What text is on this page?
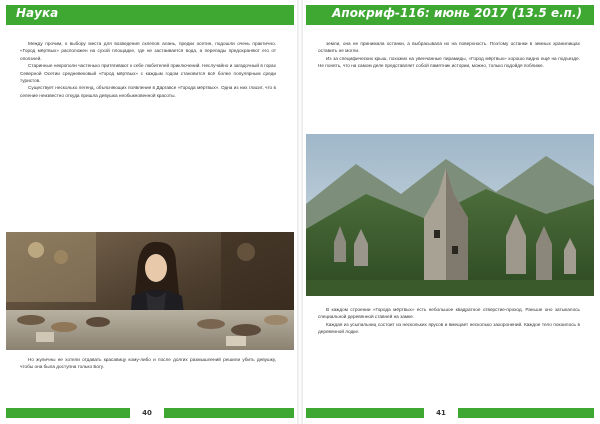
Наука

Между прочим, к выбору места для возведения склепов алань, предки осетин, подошли очень практично. «Город мёртвых» расположен на сухой площадке, где не застаивается вода, а перепады предохраняют его от оползней.

Старинные некрополи частенько притягивают к себе любителей приключений. Неслучайно и загадочный в горах Северной Осетии средневековый «Город мёртвых» с каждым годом становится всё более популярным среди туристов.

Существует несколько легенд, объясняющих появление в Даргавсе «Города мёртвых». Одна из них гласит, что в селение неизвестно откуда пришла девушка необыкновенной красоты.

Но жуличны не хотели отдавать красавицу кому-либо и после долгих размышлений решили убить девушку, чтобы она была доступна только Богу.

40
Апокриф-116: июнь 2017 (13.5 е.п.)

земли, она не принимала останки, а выбрасывала их на поверхность. Поэтому останки в земных хранилищах оставить не могли.

Из за специфических крыш, похожих на увенчанные пирамиды, «Город мёртвых» хорошо видно ещё на подъезде. Не понять, что на самом деле представляет собой памятник истории, можно, только подойдя поближе.

В каждом строении «Города мёртвых» есть небольшое квадратное отверстие-проход. Раньше оно затыкалось специальной деревянной ставней на замке.

Каждая из усыпальниц состоит из нескольких ярусов и вмещает несколько захоронений. Каждое тело покоилось в деревянной лодке.

41
